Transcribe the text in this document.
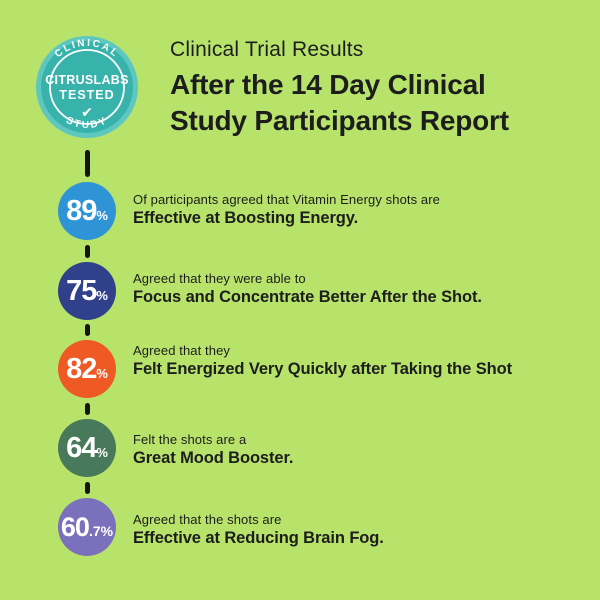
CLINICAL
CITRUSLABS
TESTED
✔
STUDY
Clinical Trial Results
After the 14 Day Clinical
Study Participants Report
89%
75%
82%
64%
60.7%

Of participants agreed that Vitamin Energy shots are

Effective at Boosting Energy.

Agreed that they were able to

Focus and Concentrate Better After the Shot.

Agreed that they

Felt Energized Very Quickly after Taking the Shot

Felt the shots are a

Great Mood Booster.

Agreed that the shots are

Effective at Reducing Brain Fog.
